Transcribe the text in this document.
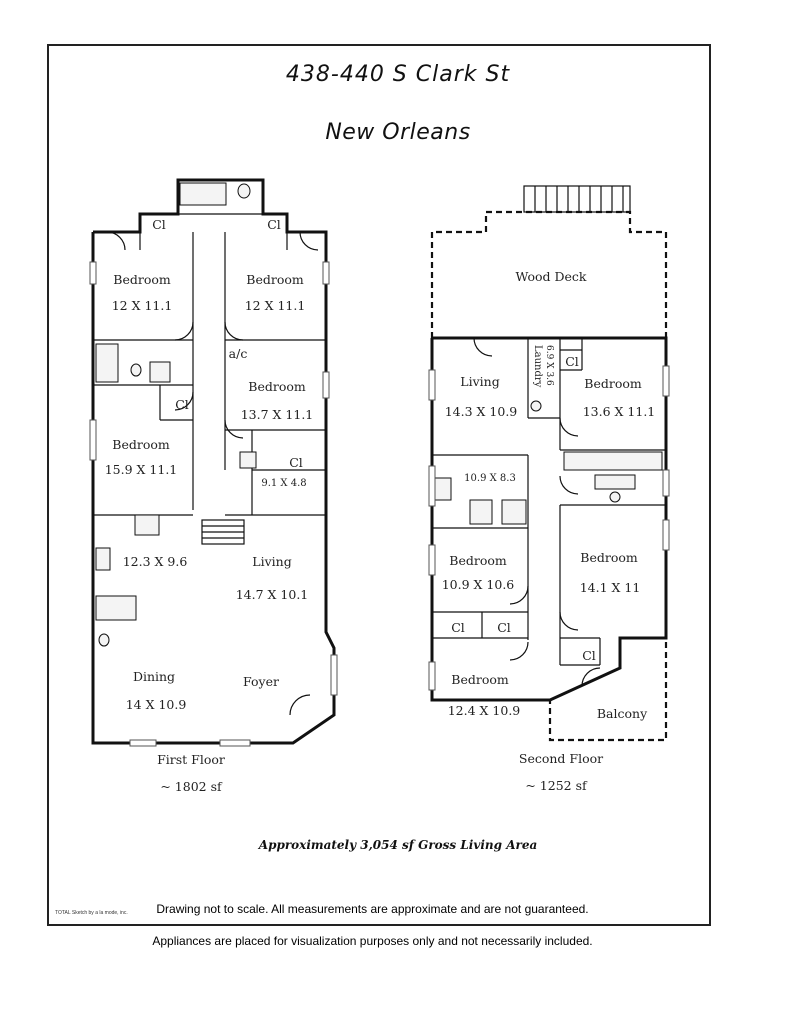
438-440 S Clark St
New Orleans
Bedroom
12 X 11.1
Bedroom
12 X 11.1
Bedroom
13.7 X 11.1
Bedroom
15.9 X 11.1
Living
14.7 X 10.1
Dining
14 X 10.9
Foyer
12.3 X 9.6
9.1 X 4.8
a/c
Cl	Cl
Cl
Cl
First Floor
~ 1802 sf
Wood Deck
Living
14.3 X 10.9
Laundry 6.9 X 3.6 Bedroom
13.6 X 11.1
10.9 X 8.3
Bedroom
10.9 X 10.6
Bedroom
14.1 X 11
Bedroom
12.4 X 10.9	Balcony
Cl	Cl
Cl
Cl
Second Floor
~ 1252 sf
Approximately 3,054 sf Gross Living Area
TOTAL Sketch by a la mode, inc.	Drawing not to scale. All measurements are approximate and are not guaranteed.
Appliances are placed for visualization purposes only and not necessarily included.
